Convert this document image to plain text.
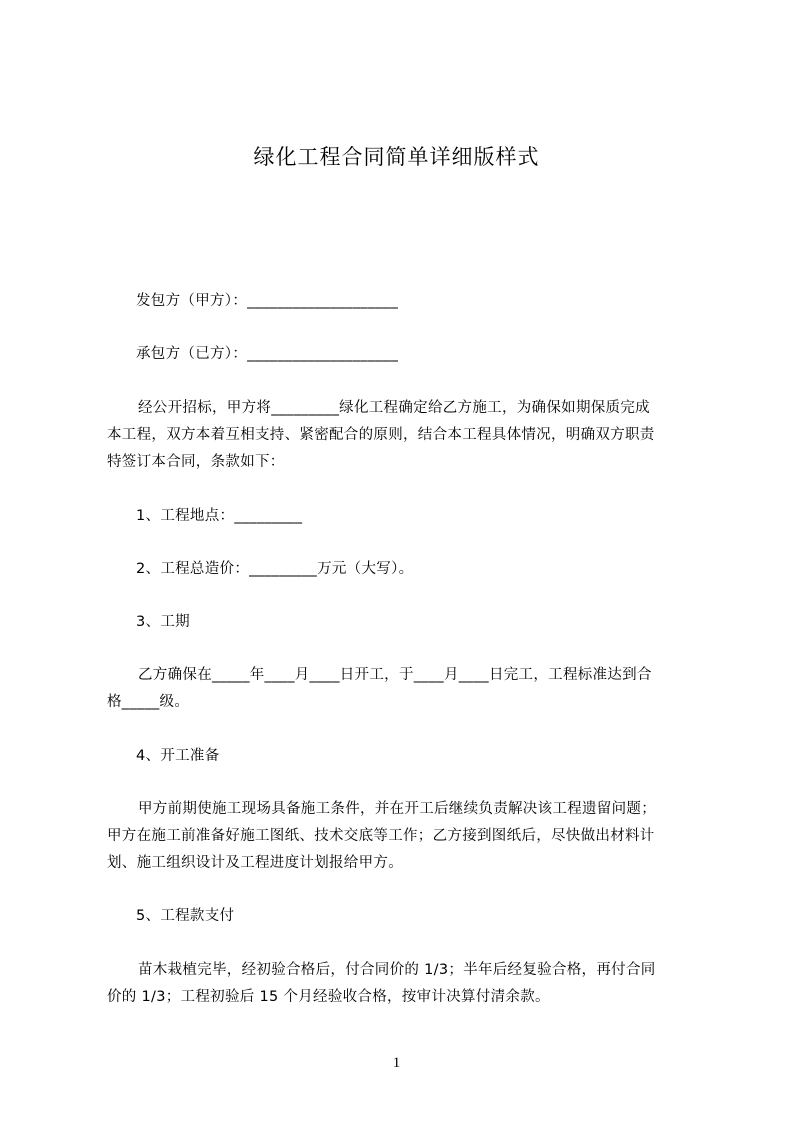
绿化工程合同简单详细版样式
发包方（甲方）：____________________
承包方（已方）：____________________
经公开招标，甲方将_________绿化工程确定给乙方施工，为确保如期保质完成
本工程，双方本着互相支持、紧密配合的原则，结合本工程具体情况，明确双方职责
特签订本合同，条款如下：
1、工程地点：_________
2、工程总造价：_________万元（大写）。
3、工期
乙方确保在_____年____月____日开工，于____月____日完工，工程标准达到合
格_____级。
4、开工准备
甲方前期使施工现场具备施工条件，并在开工后继续负责解决该工程遗留问题；
甲方在施工前准备好施工图纸、技术交底等工作；乙方接到图纸后，尽快做出材料计
划、施工组织设计及工程进度计划报给甲方。
5、工程款支付
苗木栽植完毕，经初验合格后，付合同价的 1/3；半年后经复验合格，再付合同
价的 1/3；工程初验后 15 个月经验收合格，按审计决算付清余款。
1
